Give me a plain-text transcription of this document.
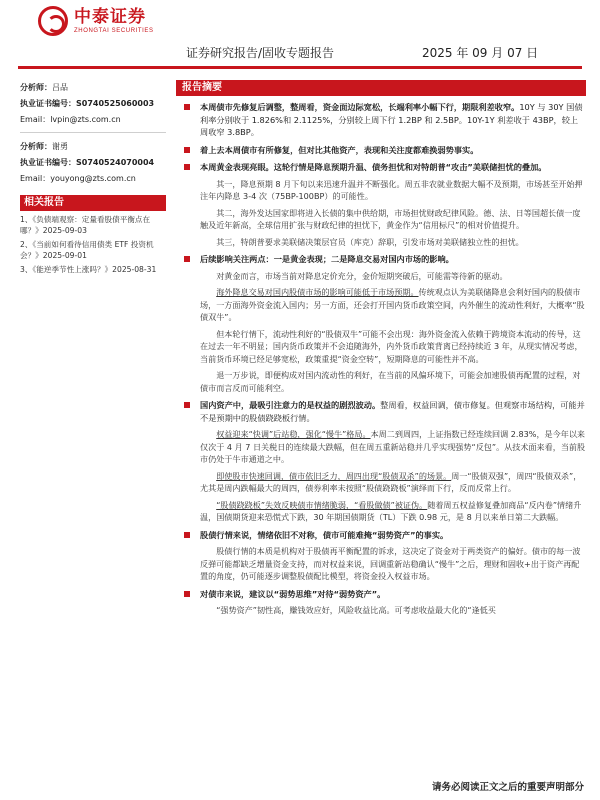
中泰证券
ZHONGTAI SECURITIES
证券研究报告/固收专题报告	2025 年 09 月 07 日
分析师：吕品
执业证书编号：S0740525060003
Email：lvpin@zts.com.cn
分析师：谢勇
执业证书编号：S0740524070004
Email：youyong@zts.com.cn
相关报告
1、《负债端观察：定量看股债平衡点在哪？》2025-09-03
2、《当前如何看待信用债类 ETF 投资机会？》2025-09-01
3、《能逆季节性上涨吗？》2025-08-31
报告摘要
本周债市先修复后调整，整周看，资金面边际宽松，长端利率小幅下行，期限利差收窄。10Y 与 30Y 国债利率分别收于 1.826%和 2.1125%，分别较上周下行 1.2BP 和 2.5BP。10Y-1Y 利差收于 43BP，较上周收窄 3.8BP。
着上去本周债市有所修复，但对比其他资产，表现和关注度都难换弱势事实。
本周黄金表现亮眼。这轮行情是降息预期升温、债务担忧和对特朗普“攻击”美联储担忧的叠加。
其一，降息预期 8 月下旬以来迅速升温并不断强化。周五非农就业数据大幅不及预期，市场甚至开始押注年内降息 3-4 次（75BP-100BP）的可能性。
其二，海外发达国家即将进入长债的集中供给期，市场担忧财政纪律风险。德、法、日等国超长债一度触及近年新高，全球信用扩张与财政纪律的担忧下，黄金作为“信用标尺”的相对价值提升。
其三，特朗普要求美联储决策层官员（库克）辞职，引发市场对美联储独立性的担忧。
后续影响关注两点：一是黄金表现；二是降息交易对国内市场的影响。
对黄金而言，市场当前对降息定价充分，金价短期突破后，可能需等待新的驱动。
海外降息交易对国内股债市场的影响可能低于市场预期。传统观点认为美联储降息会利好国内的股债市场，一方面海外资金流入国内；另一方面，还会打开国内货币政策空间，内外催生的流动性利好，大概率“股债双牛”。
但本轮行情下，流动性利好的“股债双牛”可能不会出现：海外资金流入依赖于跨境资本流动的传导，这在过去一年不明显；国内货币政策并不会追随海外，内外货币政策背离已经持续近 3 年，从现实情况考虑，当前货币环境已经足够宽松，政策重提“资金空转”，短期降息的可能性并不高。
退一万步说，即便构成对国内流动性的利好，在当前的风偏环境下，可能会加速股债再配置的过程，对债市而言反而可能利空。
国内资产中，最吸引注意力的是权益的剧烈波动。整周看，权益回调，债市修复。但观察市场结构，可能并不是预期中的股债跷跷板行情。
权益迎来“快调”后站稳，强化“慢牛”格局。本周二到周四，上证指数已经连续回调 2.83%，是今年以来仅次于 4 月 7 日关税日的连续最大跌幅，但在周五重新站稳并几乎实现强势“反包”。从技术面来看，当前股市仍处于牛市通道之中。
即使股市快速回调，债市依旧乏力，周四出现“股债双杀”的场景。周一“股债双强”，周四“股债双杀”，尤其是周内跌幅最大的周四，债券利率未按照“股债跷跷板”演绎而下行，反而反常上行。
“股债跷跷板”失效反映债市情绪脆弱，“看股做债”被证伪。随着周五权益修复叠加商品“反内卷”情绪升温，国债期货迎来恐慌式下跌，30 年期国债期货（TL）下跌 0.98 元，是 8 月以来单日第二大跌幅。
股债行情来说，情绪依旧不对称，债市可能难掩“弱势资产”的事实。
股债行情的本质是机构对于股债再平衡配置的诉求，这决定了资金对于两类资产的偏好。债市的每一波反弹可能都缺乏增量资金支持，而对权益来说，回调重新站稳确认“慢牛”之后，理财和固收+出于资产再配置的角度，仍可能逐步调整股债配比模型，将资金投入权益市场。
对债市来说，建议以“弱势思维”对待“弱势资产”。
“强势资产”韧性高，赚钱效应好，风险收益比高。可考虑收益最大化的“逢低买
请务必阅读正文之后的重要声明部分
